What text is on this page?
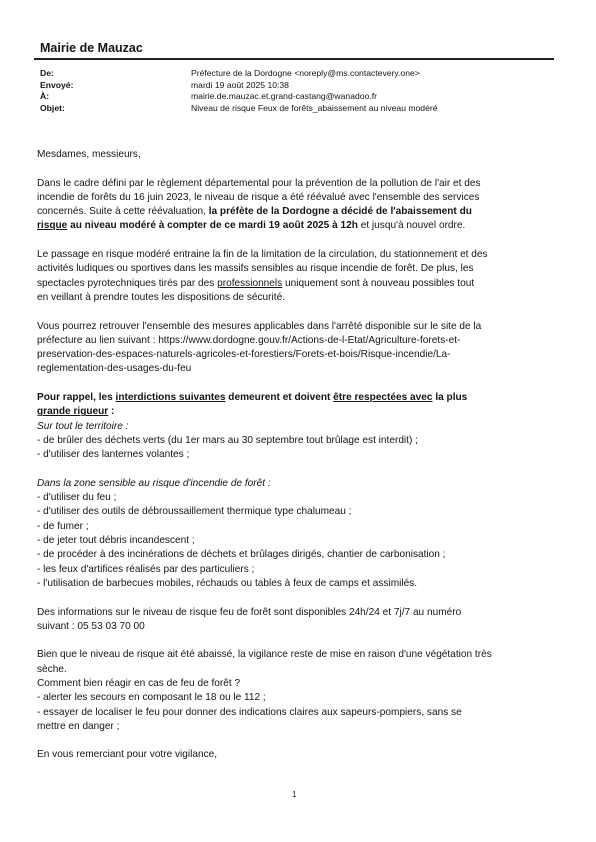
Mairie de Mauzac
De:	Préfecture de la Dordogne <noreply@ms.contactevery.one>
Envoyé:	mardi 19 août 2025 10:38
À:	mairie.de.mauzac.et.grand-castang@wanadoo.fr
Objet:	Niveau de risque Feux de forêts_abaissement au niveau modéré

Mesdames, messieurs,

Dans le cadre défini par le règlement départemental pour la prévention de la pollution de l'air et des
incendie de forêts du 16 juin 2023, le niveau de risque a été réévalué avec l'ensemble des services
concernés. Suite à cette réévaluation, la préfète de la Dordogne a décidé de l'abaissement du
risque au niveau modéré à compter de ce mardi 19 août 2025 à 12h et jusqu'à nouvel ordre.

Le passage en risque modéré entraine la fin de la limitation de la circulation, du stationnement et des
activités ludiques ou sportives dans les massifs sensibles au risque incendie de forêt. De plus, les
spectacles pyrotechniques tirés par des professionnels uniquement sont à nouveau possibles tout
en veillant à prendre toutes les dispositions de sécurité.

Vous pourrez retrouver l'ensemble des mesures applicables dans l'arrêté disponible sur le site de la
préfecture au lien suivant : https://www.dordogne.gouv.fr/Actions-de-l-Etat/Agriculture-forets-et-
preservation-des-espaces-naturels-agricoles-et-forestiers/Forets-et-bois/Risque-incendie/La-
reglementation-des-usages-du-feu

Pour rappel, les interdictions suivantes demeurent et doivent être respectées avec la plus
grande rigueur :
Sur tout le territoire :
- de brûler des déchets verts (du 1er mars au 30 septembre tout brûlage est interdit) ;
- d'utiliser des lanternes volantes ;

Dans la zone sensible au risque d'incendie de forêt :
- d'utiliser du feu ;
- d'utiliser des outils de débroussaillement thermique type chalumeau ;
- de fumer ;
- de jeter tout débris incandescent ;
- de procéder à des incinérations de déchets et brûlages dirigés, chantier de carbonisation ;
- les feux d'artifices réalisés par des particuliers ;
- l'utilisation de barbecues mobiles, réchauds ou tables à feux de camps et assimilés.

Des informations sur le niveau de risque feu de forêt sont disponibles 24h/24 et 7j/7 au numéro
suivant : 05 53 03 70 00

Bien que le niveau de risque ait été abaissé, la vigilance reste de mise en raison d'une végétation très
sèche.
Comment bien réagir en cas de feu de forêt ?
- alerter les secours en composant le 18 ou le 112 ;
- essayer de localiser le feu pour donner des indications claires aux sapeurs-pompiers, sans se
mettre en danger ;

En vous remerciant pour votre vigilance,

1
